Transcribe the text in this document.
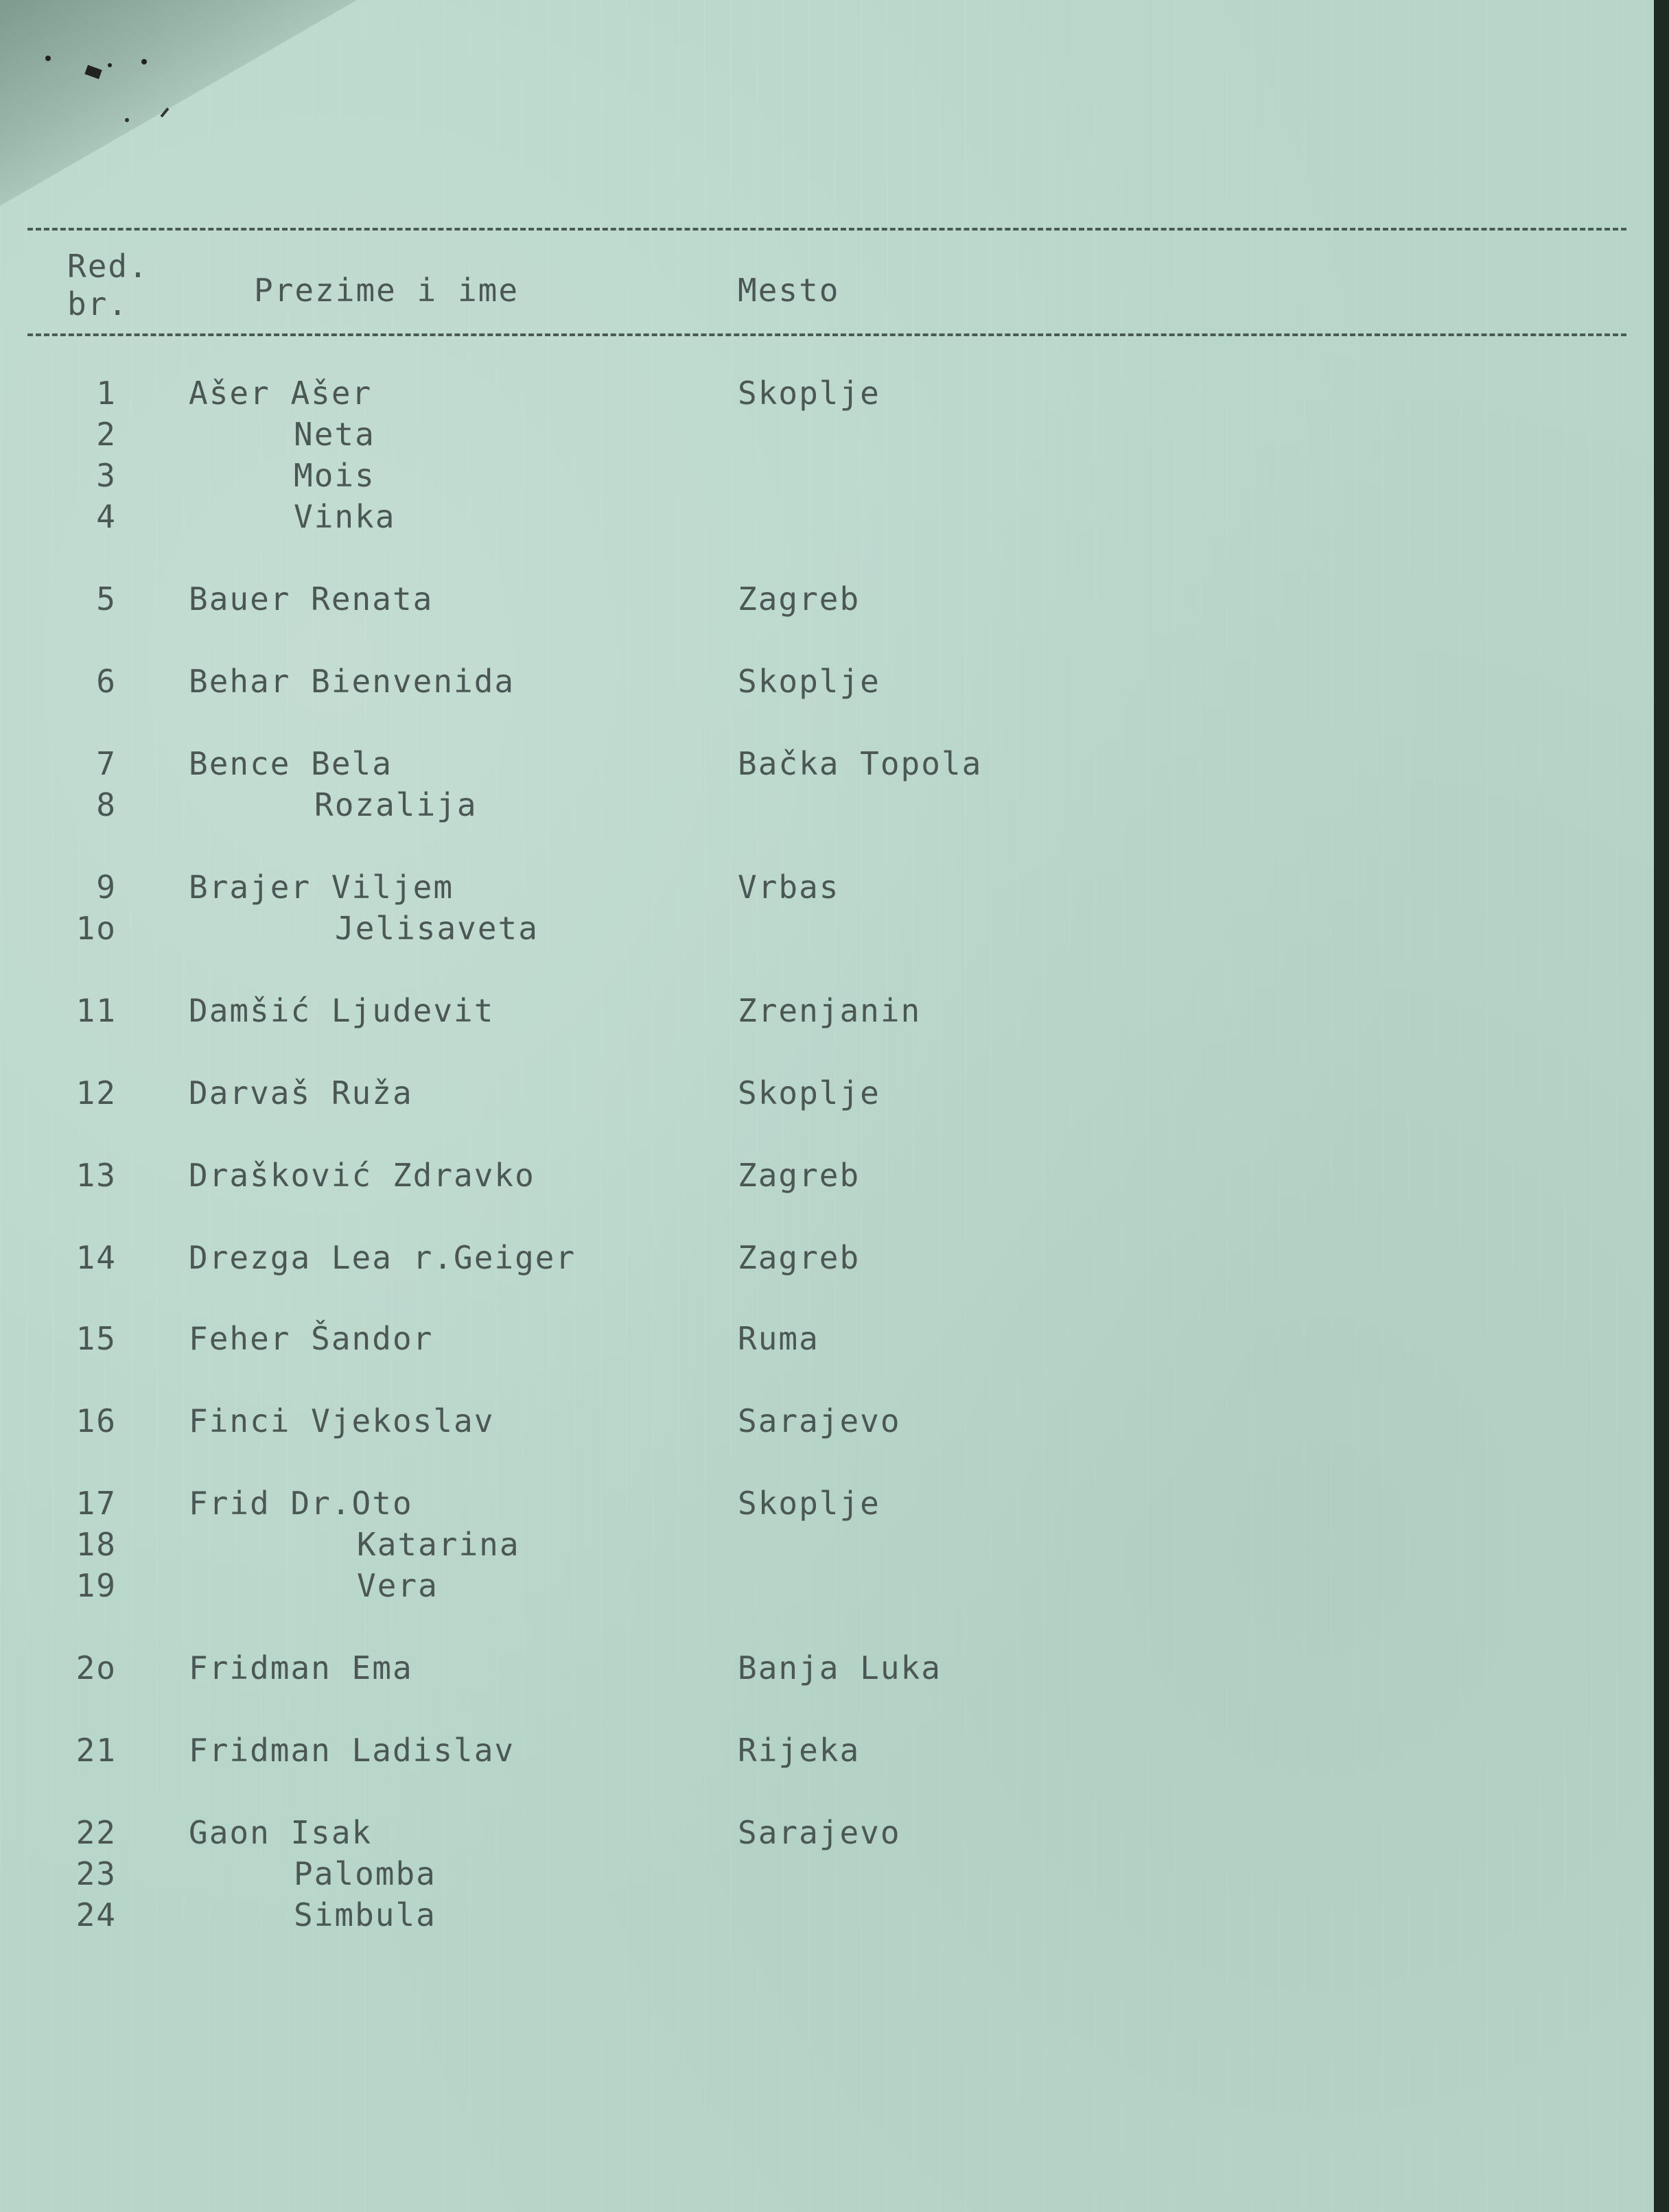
Red.
br.	Prezime i ime	Mesto
1 Ašer Ašer	Skoplje
2	Neta
3	Mois
4	Vinka
5 Bauer Renata	Zagreb
6 Behar Bienvenida	Skoplje
7 Bence Bela	Bačka Topola
8	Rozalija
9 Brajer Viljem	Vrbas
1o	Jelisaveta
11 Damšić Ljudevit	Zrenjanin
12 Darvaš Ruža	Skoplje
13 Drašković Zdravko	Zagreb
14 Drezga Lea r.Geiger	Zagreb
15 Feher Šandor	Ruma
16 Finci Vjekoslav	Sarajevo
17 Frid Dr.Oto	Skoplje
18	Katarina
19	Vera
2o Fridman Ema	Banja Luka
21 Fridman Ladislav	Rijeka
22 Gaon Isak	Sarajevo
23	Palomba
24	Simbula
